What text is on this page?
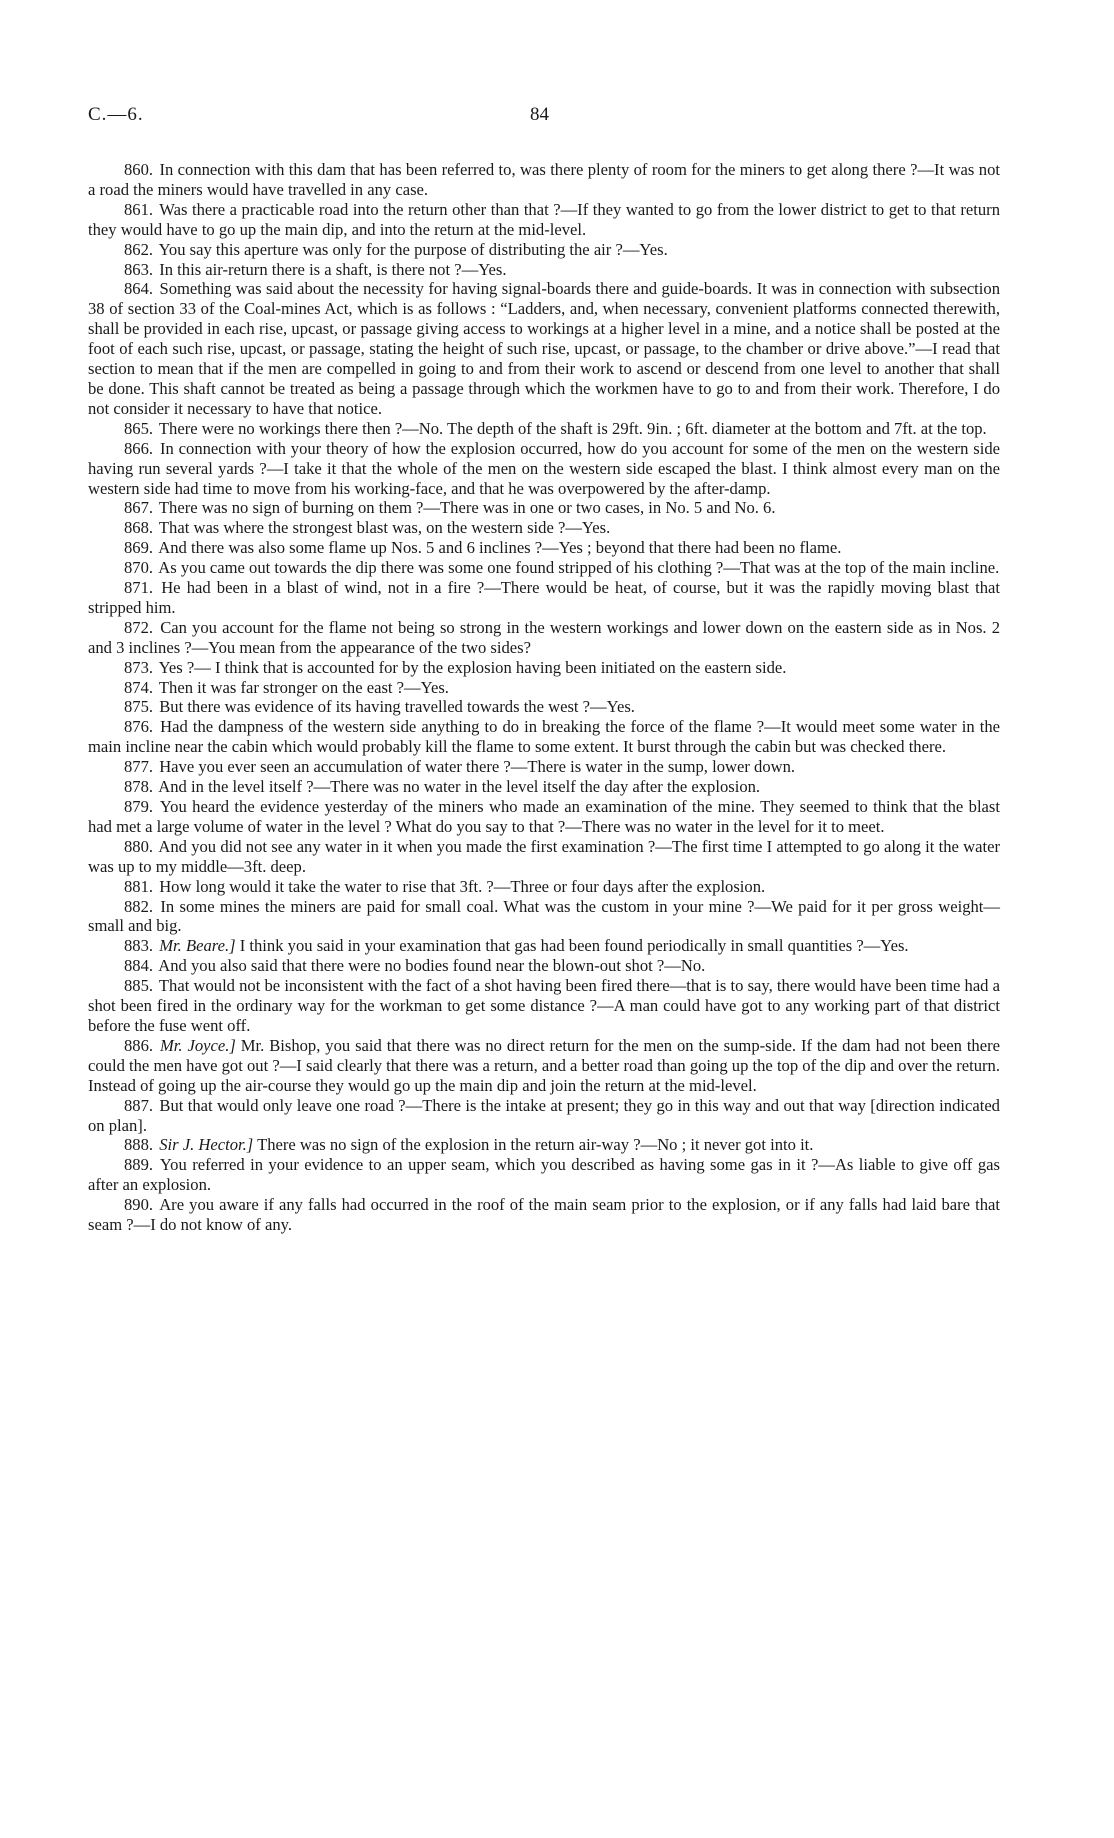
C.—6.	84

860. In connection with this dam that has been referred to, was there plenty of room for the miners to get along there ?—It was not a road the miners would have travelled in any case.

861. Was there a practicable road into the return other than that ?—If they wanted to go from the lower district to get to that return they would have to go up the main dip, and into the return at the mid-level.

862. You say this aperture was only for the purpose of distributing the air ?—Yes.

863. In this air-return there is a shaft, is there not ?—Yes.

864. Something was said about the necessity for having signal-boards there and guide-boards. It was in connection with subsection 38 of section 33 of the Coal-mines Act, which is as follows : “Ladders, and, when necessary, convenient platforms connected therewith, shall be provided in each rise, upcast, or passage giving access to workings at a higher level in a mine, and a notice shall be posted at the foot of each such rise, upcast, or passage, stating the height of such rise, upcast, or passage, to the chamber or drive above.”—I read that section to mean that if the men are compelled in going to and from their work to ascend or descend from one level to another that shall be done. This shaft cannot be treated as being a passage through which the workmen have to go to and from their work. Therefore, I do not consider it necessary to have that notice.

865. There were no workings there then ?—No. The depth of the shaft is 29ft. 9in. ; 6ft. diameter at the bottom and 7ft. at the top.

866. In connection with your theory of how the explosion occurred, how do you account for some of the men on the western side having run several yards ?—I take it that the whole of the men on the western side escaped the blast. I think almost every man on the western side had time to move from his working-face, and that he was overpowered by the after-damp.

867. There was no sign of burning on them ?—There was in one or two cases, in No. 5 and No. 6.

868. That was where the strongest blast was, on the western side ?—Yes.

869. And there was also some flame up Nos. 5 and 6 inclines ?—Yes ; beyond that there had been no flame.

870. As you came out towards the dip there was some one found stripped of his clothing ?—That was at the top of the main incline.

871. He had been in a blast of wind, not in a fire ?—There would be heat, of course, but it was the rapidly moving blast that stripped him.

872. Can you account for the flame not being so strong in the western workings and lower down on the eastern side as in Nos. 2 and 3 inclines ?—You mean from the appearance of the two sides?

873. Yes ?— I think that is accounted for by the explosion having been initiated on the eastern side.

874. Then it was far stronger on the east ?—Yes.

875. But there was evidence of its having travelled towards the west ?—Yes.

876. Had the dampness of the western side anything to do in breaking the force of the flame ?—It would meet some water in the main incline near the cabin which would probably kill the flame to some extent. It burst through the cabin but was checked there.

877. Have you ever seen an accumulation of water there ?—There is water in the sump, lower down.

878. And in the level itself ?—There was no water in the level itself the day after the explosion.

879. You heard the evidence yesterday of the miners who made an examination of the mine. They seemed to think that the blast had met a large volume of water in the level ? What do you say to that ?—There was no water in the level for it to meet.

880. And you did not see any water in it when you made the first examination ?—The first time I attempted to go along it the water was up to my middle—3ft. deep.

881. How long would it take the water to rise that 3ft. ?—Three or four days after the explosion.

882. In some mines the miners are paid for small coal. What was the custom in your mine ?—We paid for it per gross weight—small and big.

883. Mr. Beare.] I think you said in your examination that gas had been found periodically in small quantities ?—Yes.

884. And you also said that there were no bodies found near the blown-out shot ?—No.

885. That would not be inconsistent with the fact of a shot having been fired there—that is to say, there would have been time had a shot been fired in the ordinary way for the workman to get some distance ?—A man could have got to any working part of that district before the fuse went off.

886. Mr. Joyce.] Mr. Bishop, you said that there was no direct return for the men on the sump-side. If the dam had not been there could the men have got out ?—I said clearly that there was a return, and a better road than going up the top of the dip and over the return. Instead of going up the air-course they would go up the main dip and join the return at the mid-level.

887. But that would only leave one road ?—There is the intake at present; they go in this way and out that way [direction indicated on plan].

888. Sir J. Hector.] There was no sign of the explosion in the return air-way ?—No ; it never got into it.

889. You referred in your evidence to an upper seam, which you described as having some gas in it ?—As liable to give off gas after an explosion.

890. Are you aware if any falls had occurred in the roof of the main seam prior to the explosion, or if any falls had laid bare that seam ?—I do not know of any.
